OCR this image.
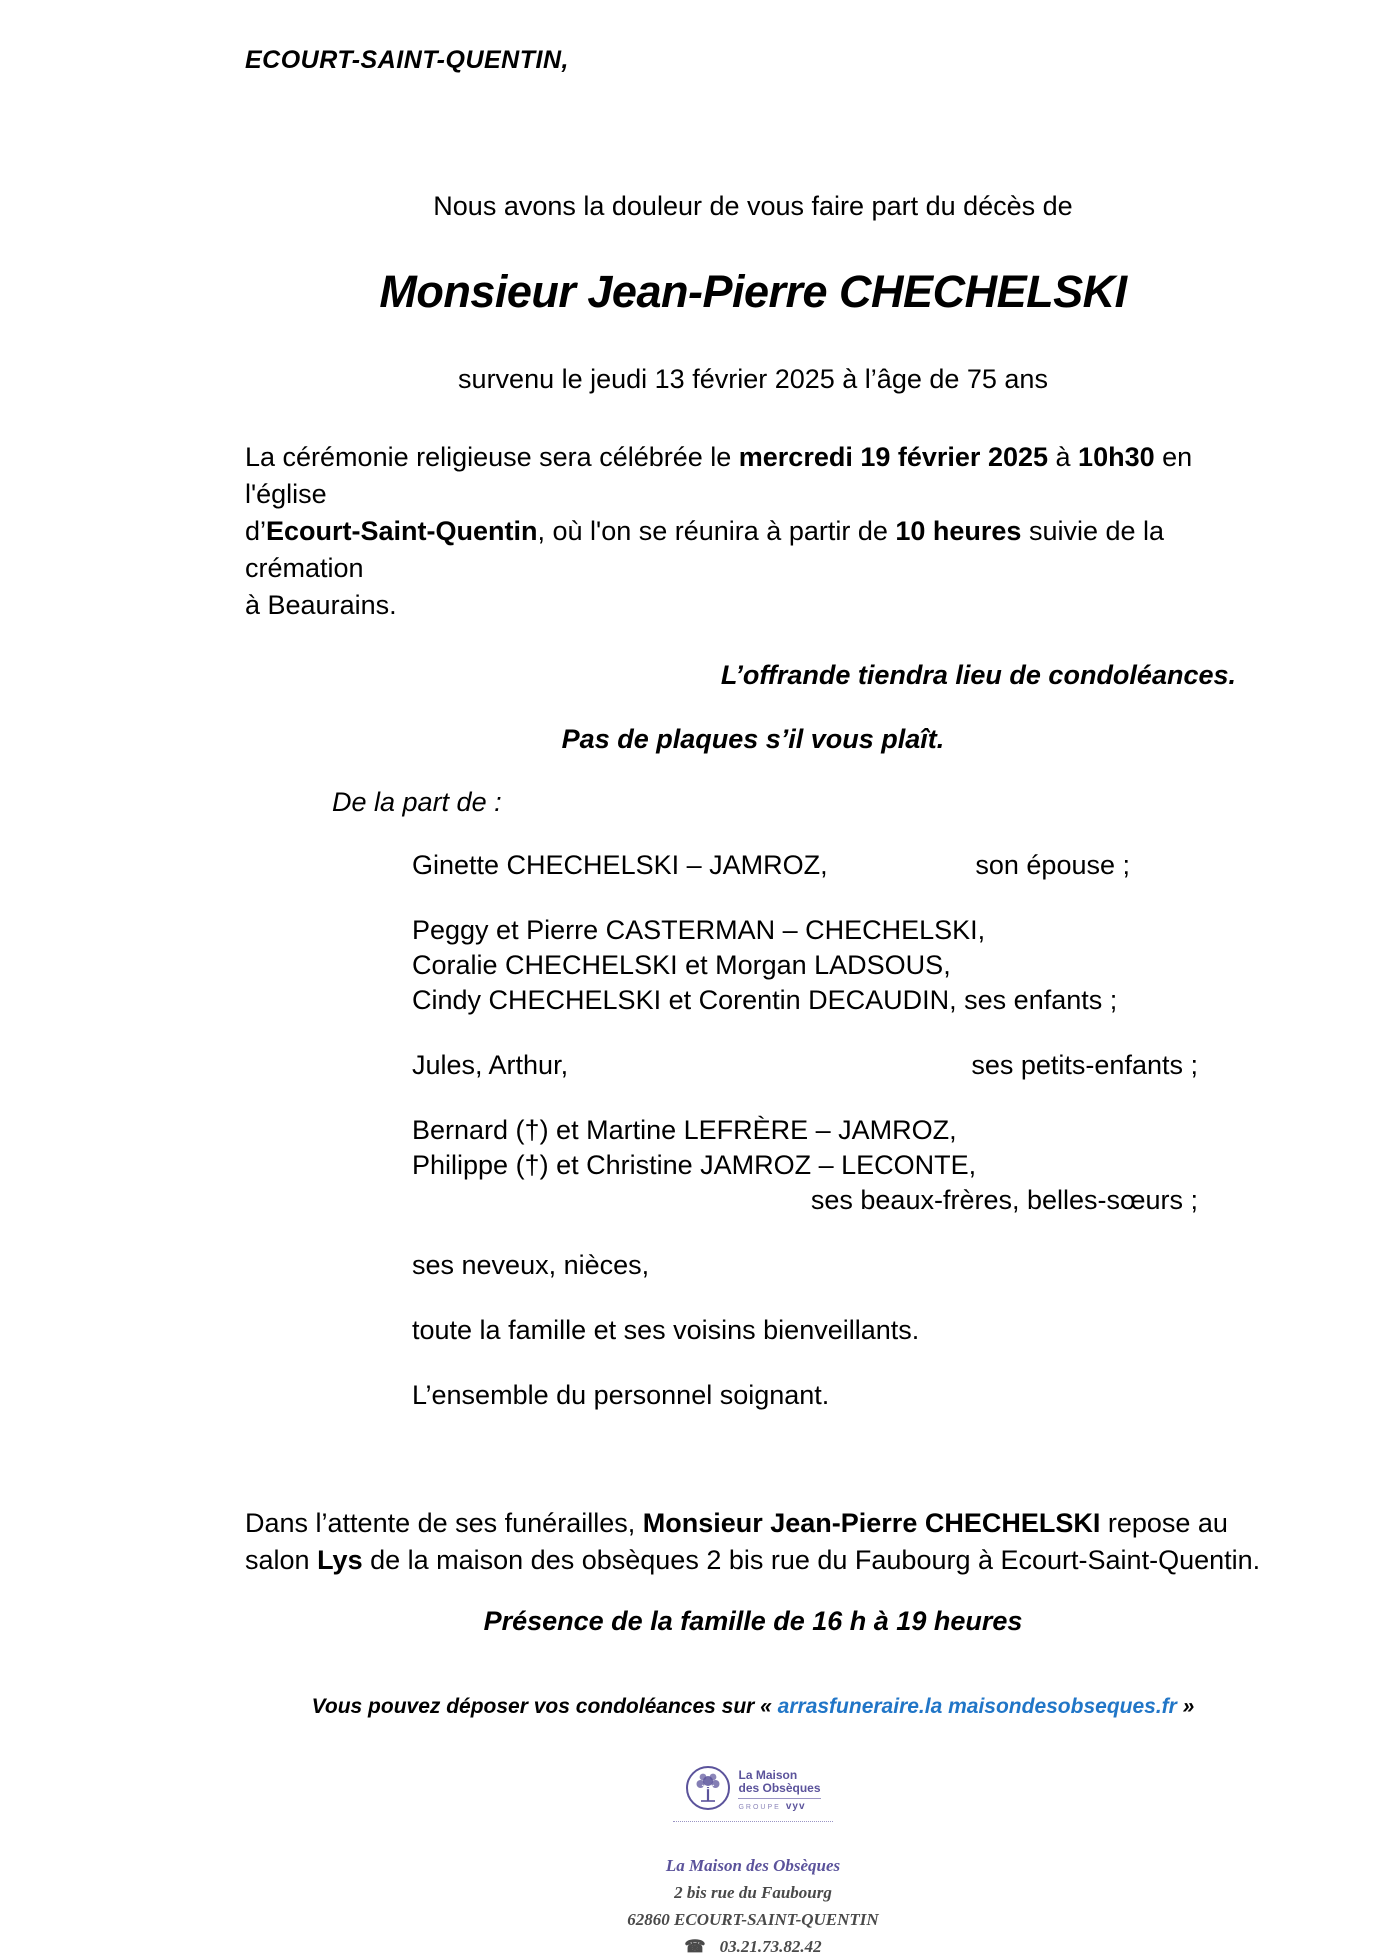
ECOURT-SAINT-QUENTIN,
Nous avons la douleur de vous faire part du décès de
Monsieur Jean-Pierre CHECHELSKI
survenu le jeudi 13 février 2025 à l’âge de 75 ans
La cérémonie religieuse sera célébrée le mercredi 19 février 2025 à 10h30 en l'église
d’Ecourt-Saint-Quentin, où l'on se réunira à partir de 10 heures suivie de la crémation
à Beaurains.
L’offrande tiendra lieu de condoléances.
Pas de plaques s’il vous plaît.
De la part de :
Ginette CHECHELSKI – JAMROZ,	son épouse ;
Peggy et Pierre CASTERMAN – CHECHELSKI,
Coralie CHECHELSKI et Morgan LADSOUS,
Cindy CHECHELSKI et Corentin DECAUDIN, ses enfants ;
Jules, Arthur,	ses petits-enfants ;
Bernard (†) et Martine LEFRÈRE – JAMROZ,
Philippe (†) et Christine JAMROZ – LECONTE,
ses beaux-frères, belles-sœurs ;
ses neveux, nièces,
toute la famille et ses voisins bienveillants.
L’ensemble du personnel soignant.
Dans l’attente de ses funérailles, Monsieur Jean-Pierre CHECHELSKI repose au
salon Lys de la maison des obsèques 2 bis rue du Faubourg à Ecourt-Saint-Quentin.
Présence de la famille de 16 h à 19 heures
Vous pouvez déposer vos condoléances sur « arrasfuneraire.la maisondesobseques.fr »
La Maison
des Obsèques
GROUPE vyv
La Maison des Obsèques
2 bis rue du Faubourg
62860 ECOURT-SAINT-QUENTIN
☎ 03.21.73.82.42
